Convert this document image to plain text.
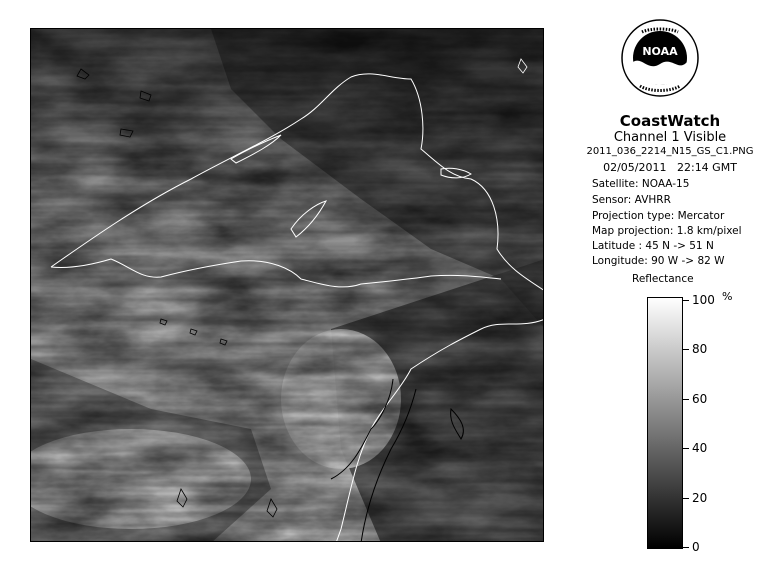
NOAA
CoastWatch
Channel 1 Visible
2011_036_2214_N15_GS_C1.PNG
02/05/2011 22:14 GMT
Satellite: NOAA-15
Sensor: AVHRR
Projection type: Mercator
Map projection: 1.8 km/pixel
Latitude : 45 N -> 51 N
Longitude: 90 W -> 82 W
Reflectance
%
0
20
40
60
80
100
